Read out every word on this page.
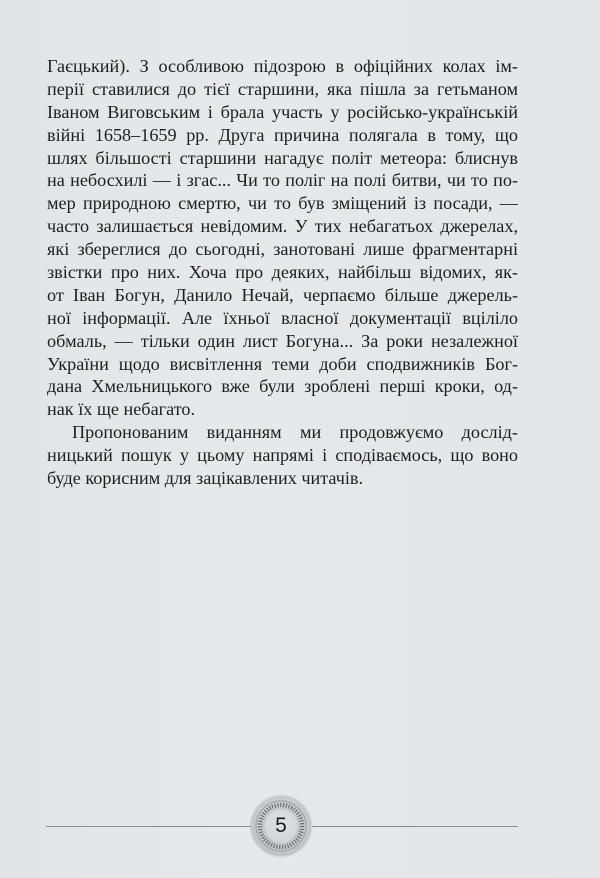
Гаєцький). З особливою підозрою в офіційних колах ім-
перії ставилися до тієї старшини, яка пішла за гетьманом
Іваном Виговським і брала участь у російсько-українській
війні 1658–1659 рр. Друга причина полягала в тому, що
шлях більшості старшини нагадує політ метеора: блиснув
на небосхилі — і згас... Чи то поліг на полі битви, чи то по-
мер природною смертю, чи то був зміщений із посади, —
часто залишається невідомим. У тих небагатьох джерелах,
які збереглися до сьогодні, занотовані лише фрагментарні
звістки про них. Хоча про деяких, найбільш відомих, як-
от Іван Богун, Данило Нечай, черпаємо більше джерель-
ної інформації. Але їхньої власної документації вціліло
обмаль, — тільки один лист Богуна... За роки незалежної
України щодо висвітлення теми доби сподвижників Бог-
дана Хмельницького вже були зроблені перші кроки, од-
нак їх ще небагато.
Пропонованим виданням ми продовжуємо дослід-
ницький пошук у цьому напрямі і сподіваємось, що воно
буде корисним для зацікавлених читачів.
5
